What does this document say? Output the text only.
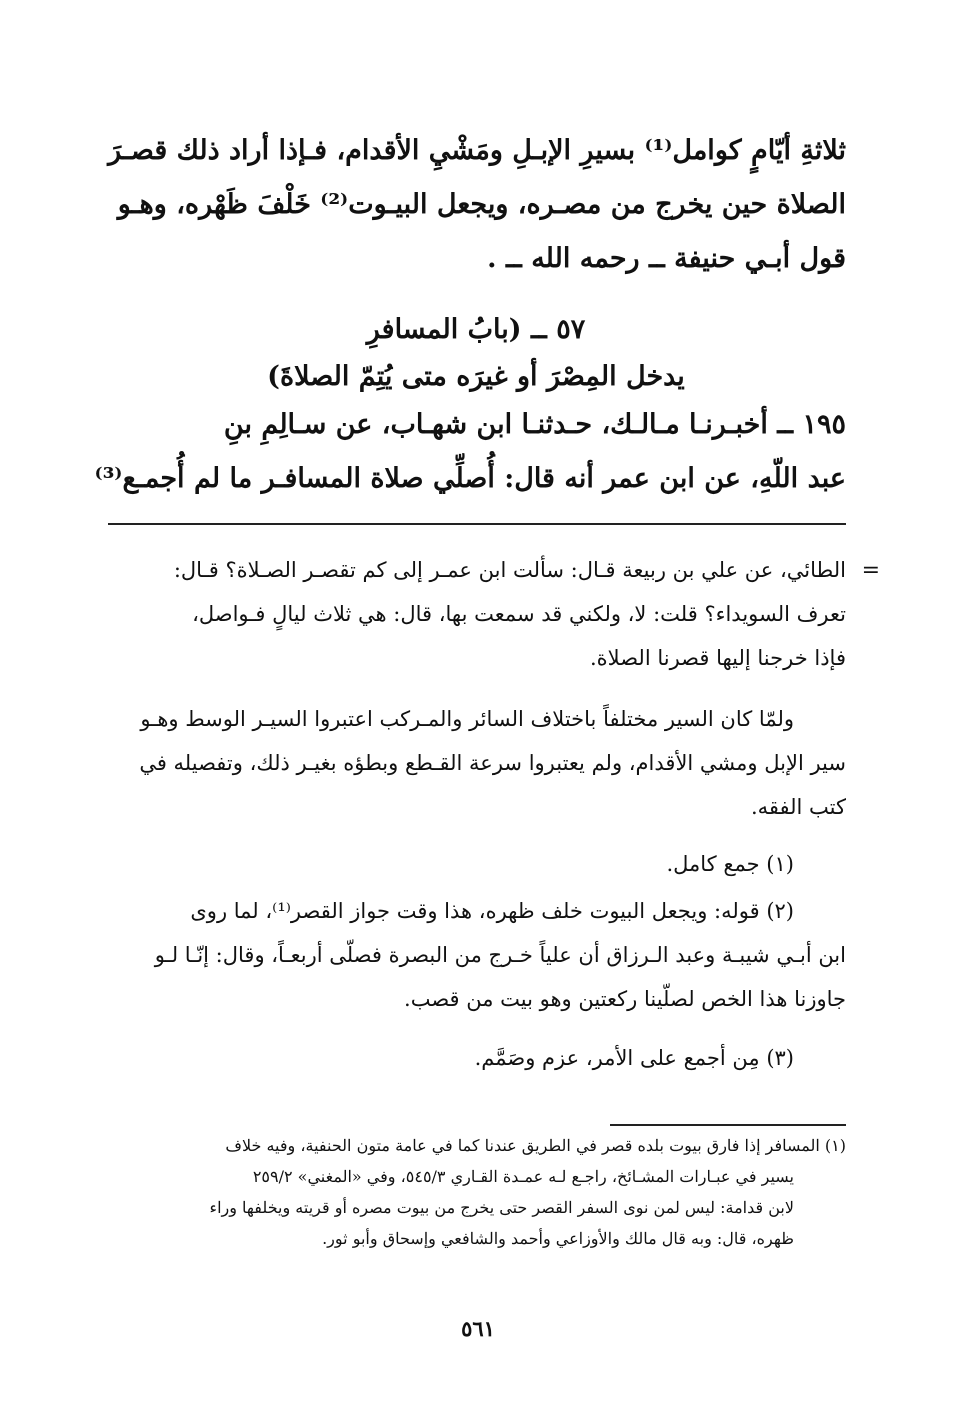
ثلاثةِ أيّامٍ كوامل⁽¹⁾ بسيرِ الإبـلِ ومَشْيِ الأقدام، فـإذا أراد ذلك قصـرَ
الصلاة حين يخرج من مصـره، ويجعل البيـوت⁽²⁾ خَلْفَ ظَهْره، وهـو
قول أبـي حنيفة ــ رحمه الله ــ .
٥٧ ــ (بابُ المسافرِ
يدخل المِصْرَ أو غيرَه متى يُتِمّ الصلاةَ)
١٩٥ ــ أخبـرنـا مـالـك، حـدثنـا ابن شهـاب، عن سـالِمِ بنِ
عبد اللّهِ، عن ابن عمر أنه قال: أُصلِّي صلاة المسافـر ما لم أُجمـع⁽³⁾
=
الطائي، عن علي بن ربيعة قـال: سألت ابن عمـر إلى كم تقصـر الصـلاة؟ قـال:
تعرف السويداء؟ قلت: لا، ولكني قد سمعت بها، قال: هي ثلاث ليالٍ فـواصل،
فإذا خرجنا إليها قصرنا الصلاة.
ولمّا كان السير مختلفاً باختلاف السائر والمـركب اعتبروا السيـر الوسط وهـو
سير الإبل ومشي الأقدام، ولم يعتبروا سرعة القـطع وبطؤه بغيـر ذلك، وتفصيله في
كتب الفقه.
(١) جمع كامل.
(٢) قوله: ويجعل البيوت خلف ظهره، هذا وقت جواز القصر⁽¹⁾، لما روى
ابن أبـي شيبـة وعبد الـرزاق أن علياً خـرج من البصرة فصلّى أربعـاً، وقال: إنّـا لـو
جاوزنا هذا الخص لصلّينا ركعتين وهو بيت من قصب.
(٣) مِن أجمع على الأمر، عزم وصَمَّم.
(١) المسافر إذا فارق بيوت بلده قصر في الطريق عندنا كما في عامة متون الحنفية، وفيه خلاف
يسير في عبـارات المشـائخ، راجـع لـه عمـدة القـاري ٥٤٥/٣، وفي «المغني» ٢٥٩/٢
لابن قدامة: ليس لمن نوى السفر القصر حتى يخرج من بيوت مصره أو قريته ويخلفها وراء
ظهره، قال: وبه قال مالك والأوزاعي وأحمد والشافعي وإسحاق وأبو ثور.
٥٦١
